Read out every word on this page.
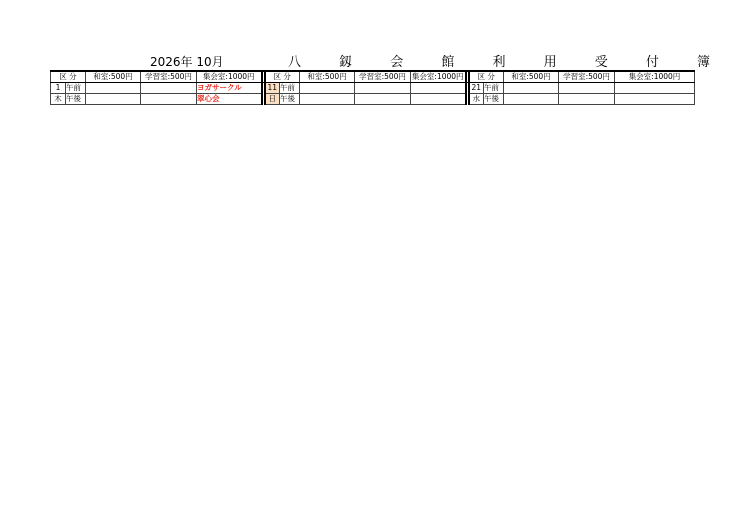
2026年 10月	八 釼 会 館 利 用 受 付 簿
区 分		和室:500円	学習室:500円	集会室:1000円		区 分		和室:500円	学習室:500円	集会室:1000円		区 分		和室:500円	学習室:500円	集会室:1000円
1	午前			ヨガサークル		11	午前					21	午前			
木	午後			翠心会		日	午後					水	午後			
